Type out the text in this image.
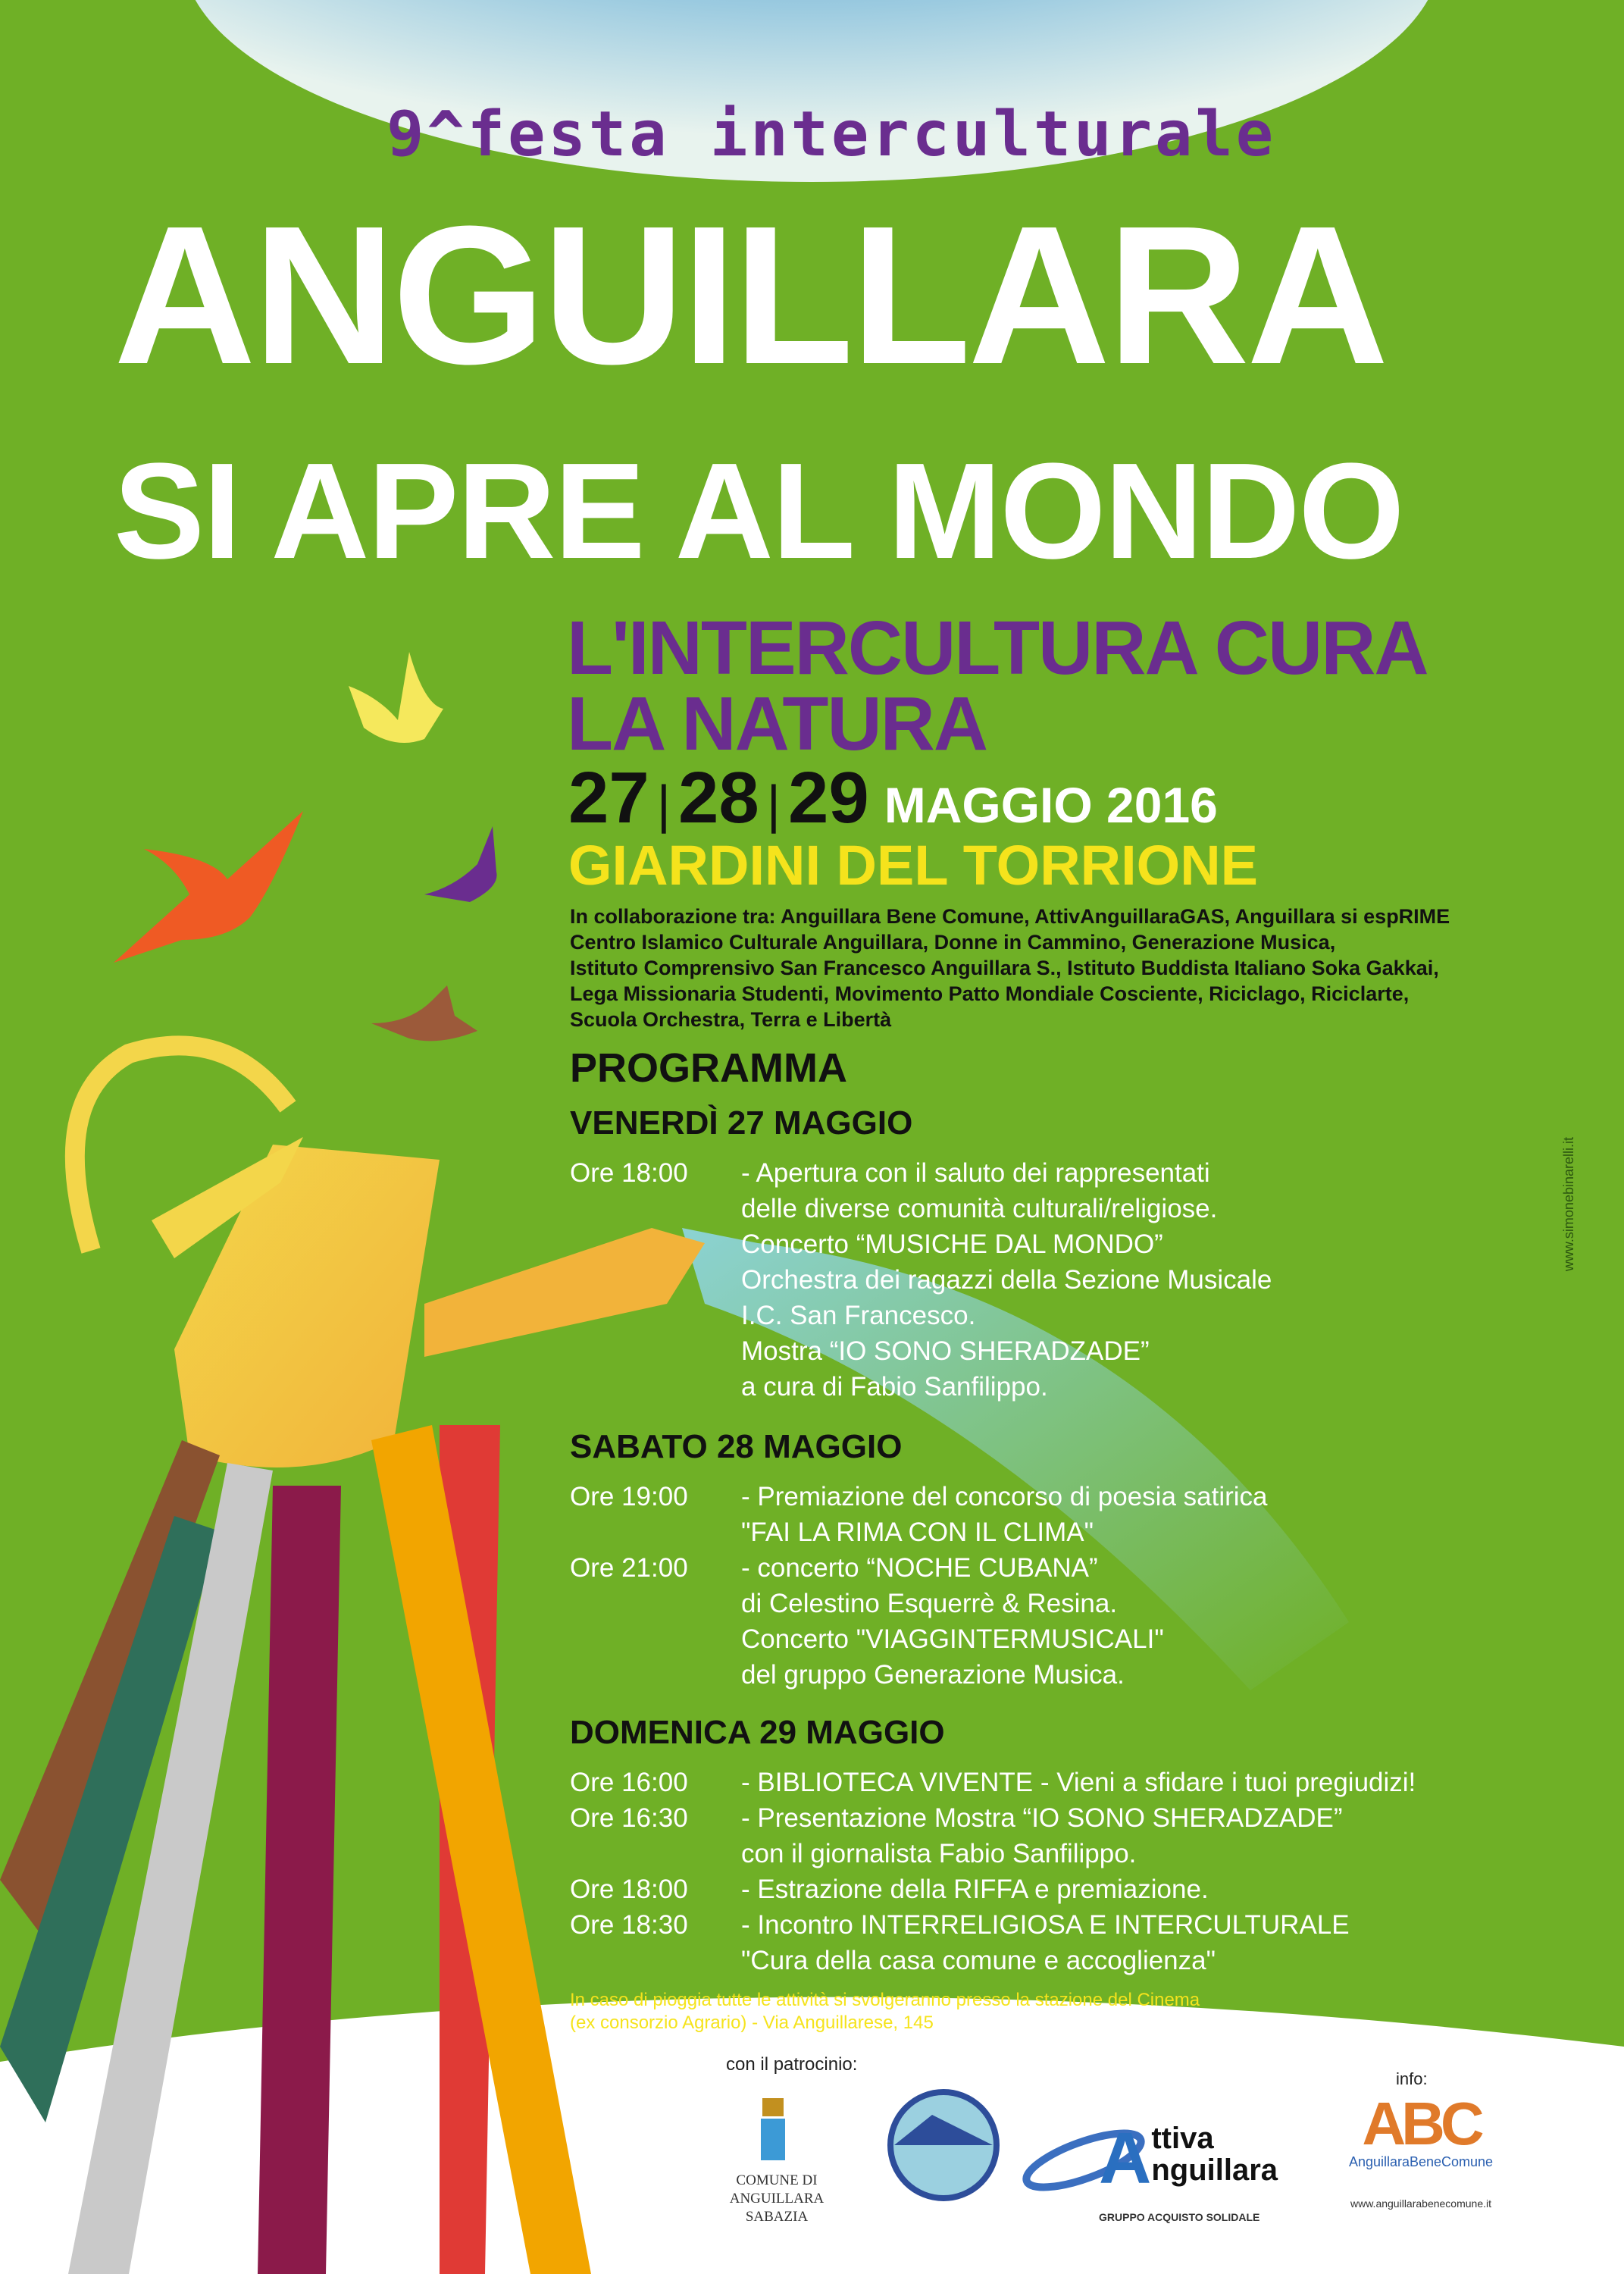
9^festa interculturale
ANGUILLARA
SI APRE AL MONDO
L'INTERCULTURA CURA
LA NATURA
27 | 28 | 29 MAGGIO 2016
GIARDINI DEL TORRIONE
In collaborazione tra: Anguillara Bene Comune, AttivAnguillaraGAS, Anguillara si espRIME
Centro Islamico Culturale Anguillara, Donne in Cammino, Generazione Musica,
Istituto Comprensivo San Francesco Anguillara S., Istituto Buddista Italiano Soka Gakkai,
Lega Missionaria Studenti, Movimento Patto Mondiale Cosciente, Riciclago, Riciclarte,
Scuola Orchestra, Terra e Libertà
PROGRAMMA
VENERDÌ 27 MAGGIO
Ore 18:00 - Apertura con il saluto dei rappresentati
delle diverse comunità culturali/religiose.
Concerto “MUSICHE DAL MONDO”
Orchestra dei ragazzi della Sezione Musicale
I.C. San Francesco.
Mostra “IO SONO SHERADZADE”
a cura di Fabio Sanfilippo.
SABATO 28 MAGGIO
Ore 19:00 - Premiazione del concorso di poesia satirica
"FAI LA RIMA CON IL CLIMA"
Ore 21:00 - concerto “NOCHE CUBANA”
di Celestino Esquerrè & Resina.
Concerto "VIAGGINTERMUSICALI"
del gruppo Generazione Musica.
DOMENICA 29 MAGGIO
Ore 16:00 - BIBLIOTECA VIVENTE - Vieni a sfidare i tuoi pregiudizi!
Ore 16:30 - Presentazione Mostra “IO SONO SHERADZADE”
con il giornalista Fabio Sanfilippo.
Ore 18:00 - Estrazione della RIFFA e premiazione.
Ore 18:30 - Incontro INTERRELIGIOSA E INTERCULTURALE
"Cura della casa comune e accoglienza"
In caso di pioggia tutte le attività si svolgeranno presso la stazione del Cinema
(ex consorzio Agrario) - Via Anguillarese, 145
www.simonebinarelli.it
con il patrocinio:
COMUNE DI
ANGUILLARA SABAZIA
Attiva
nguillara
GRUPPO ACQUISTO SOLIDALE
info:
ABC
AnguillaraBeneComune
www.anguillarabenecomune.it
